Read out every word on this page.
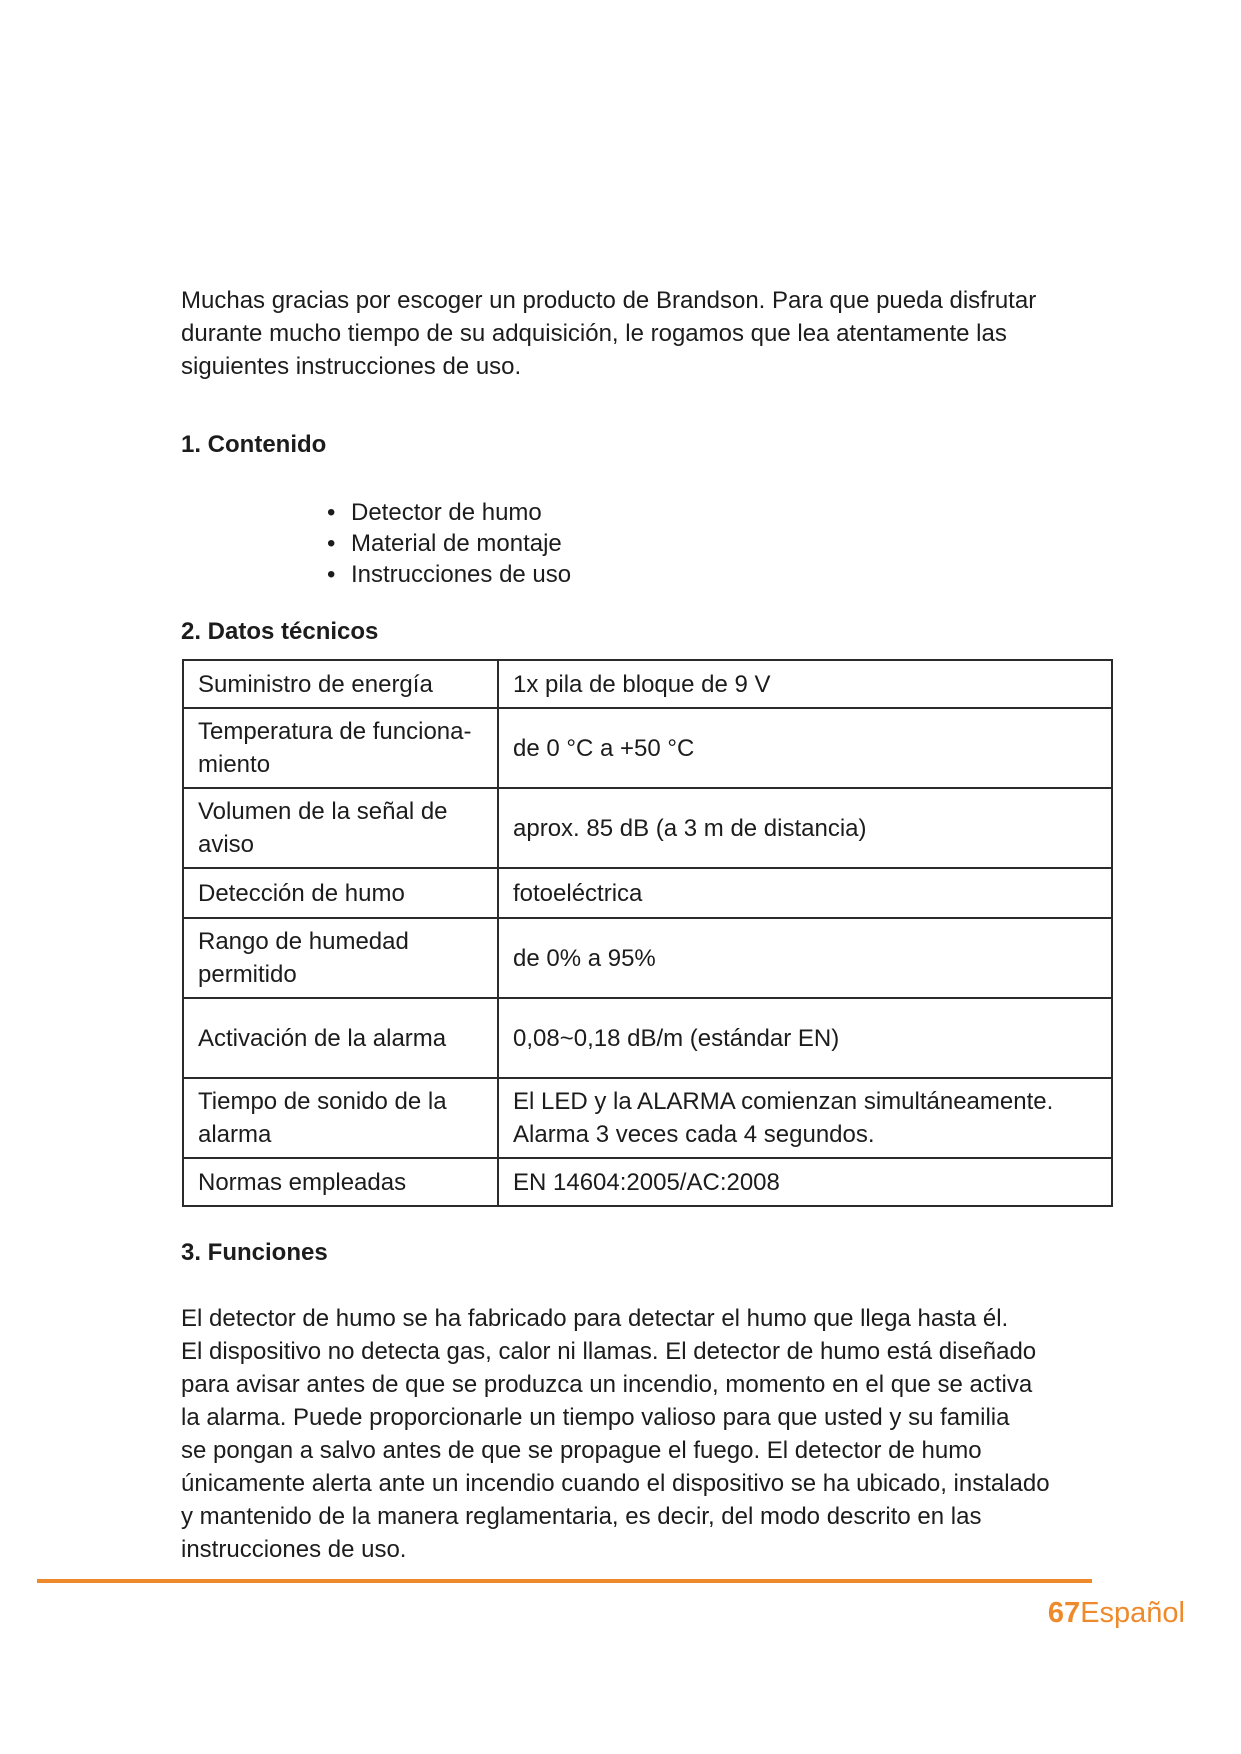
Muchas gracias por escoger un producto de Brandson. Para que pueda disfrutar
durante mucho tiempo de su adquisición, le rogamos que lea atentamente las
siguientes instrucciones de uso.
1. Contenido
• Detector de humo
• Material de montaje
• Instrucciones de uso
2. Datos técnicos
Suministro de energía	1x pila de bloque de 9 V
Temperatura de funciona-miento	de 0 °C a +50 °C
Volumen de la señal de aviso	aprox. 85 dB (a 3 m de distancia)
Detección de humo	fotoeléctrica
Rango de humedad permitido	de 0% a 95%
Activación de la alarma	0,08~0,18 dB/m (estándar EN)
Tiempo de sonido de la alarma	El LED y la ALARMA comienzan simultáneamente. Alarma 3 veces cada 4 segundos.
Normas empleadas	EN 14604:2005/AC:2008
3. Funciones
El detector de humo se ha fabricado para detectar el humo que llega hasta él.
El dispositivo no detecta gas, calor ni llamas. El detector de humo está diseñado
para avisar antes de que se produzca un incendio, momento en el que se activa
la alarma. Puede proporcionarle un tiempo valioso para que usted y su familia
se pongan a salvo antes de que se propague el fuego. El detector de humo
únicamente alerta ante un incendio cuando el dispositivo se ha ubicado, instalado
y mantenido de la manera reglamentaria, es decir, del modo descrito en las
instrucciones de uso.
67Español
